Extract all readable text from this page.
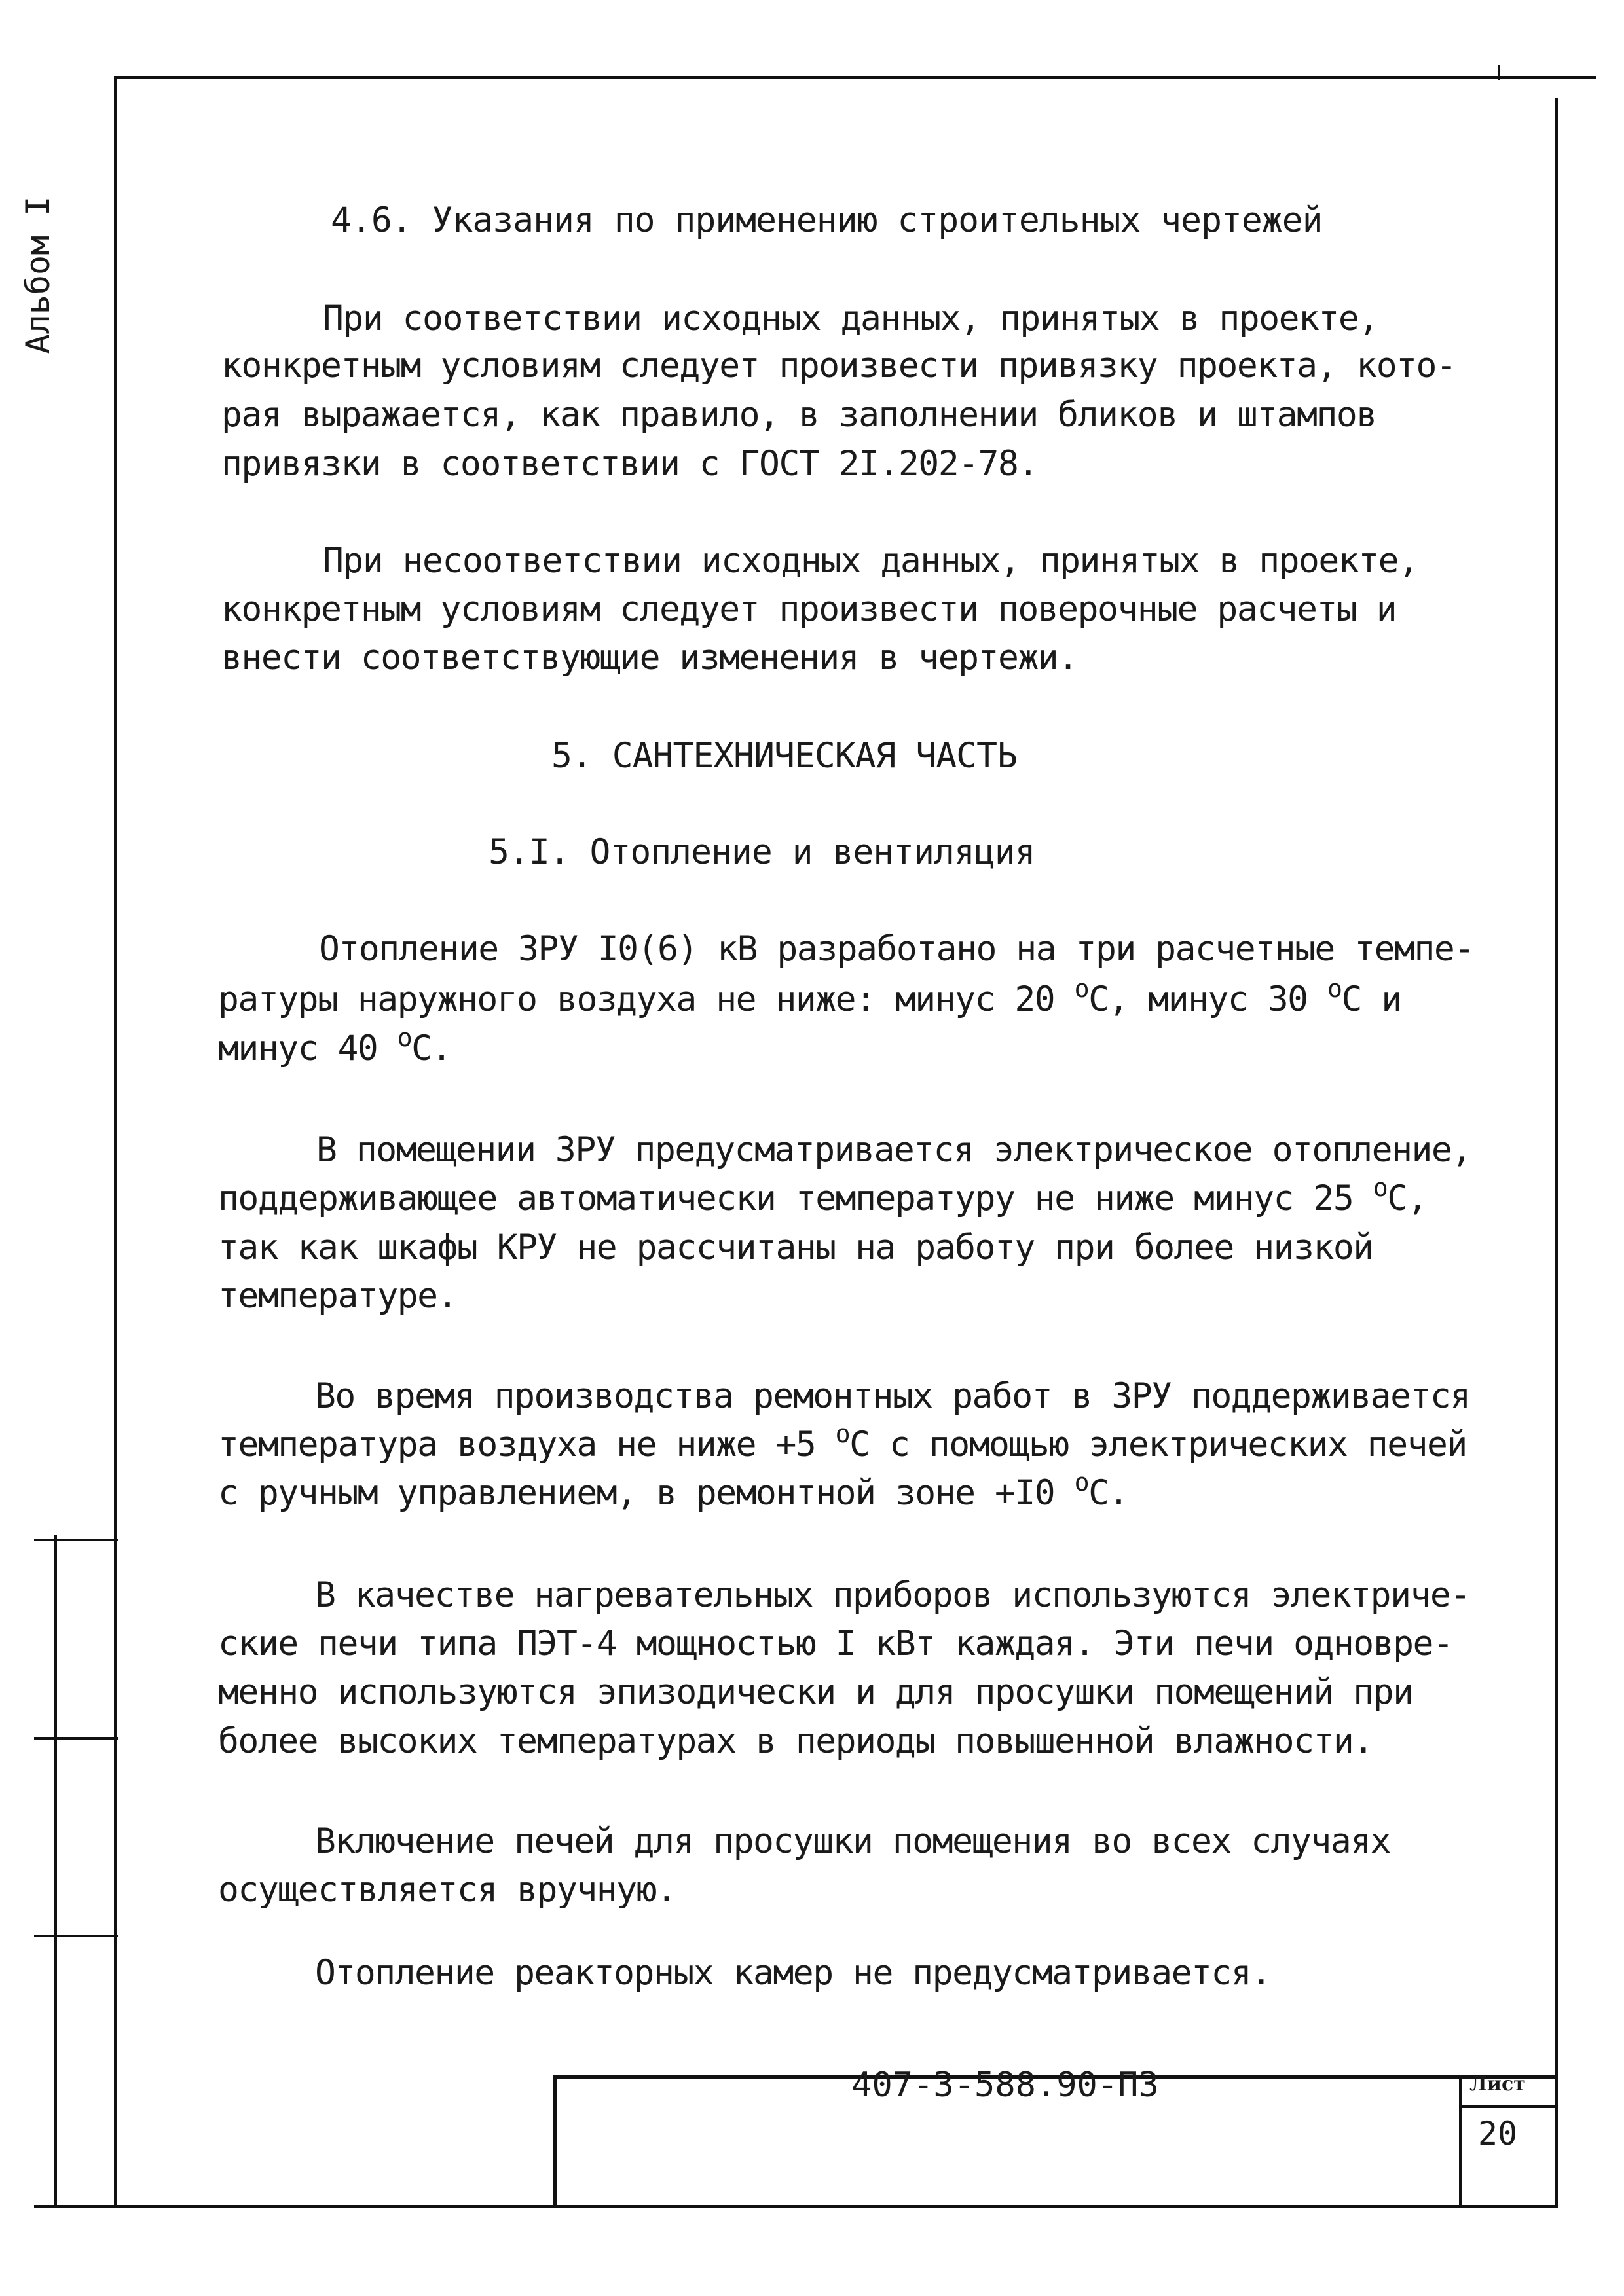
Альбом I	4.6. Указания по применению строительных чертежей
При соответствии исходных данных, принятых в проекте,
конкретным условиям следует произвести привязку проекта, кото-
рая выражается, как правило, в заполнении бликов и штампов
привязки в соответствии с ГОСТ 2I.202-78.
При несоответствии исходных данных, принятых в проекте,
конкретным условиям следует произвести поверочные расчеты и
внести соответствующие изменения в чертежи.
5. САНТЕХНИЧЕСКАЯ ЧАСТЬ
5.I. Отопление и вентиляция
Отопление ЗРУ I0(6) кВ разработано на три расчетные темпе-
ратуры наружного воздуха не ниже: минус 20 $^o$С, минус 30 $^o$С и
минус 40 $^o$С.
В помещении ЗРУ предусматривается электрическое отопление,
поддерживающее автоматически температуру не ниже минус 25 $^o$С,
так как шкафы КРУ не рассчитаны на работу при более низкой
температуре.
Во время производства ремонтных работ в ЗРУ поддерживается
температура воздуха не ниже +5 $^o$С с помощью электрических печей
с ручным управлением, в ремонтной зоне +I0 $^o$С.
В качестве нагревательных приборов используются электриче-
ские печи типа ПЭТ-4 мощностью I кВт каждая. Эти печи одновре-
менно используются эпизодически и для просушки помещений при
более высоких температурах в периоды повышенной влажности.
Включение печей для просушки помещения во всех случаях
осуществляется вручную.
Отопление реакторных камер не предусматривается.
407-3-588.90-ПЗ	Лист
20
